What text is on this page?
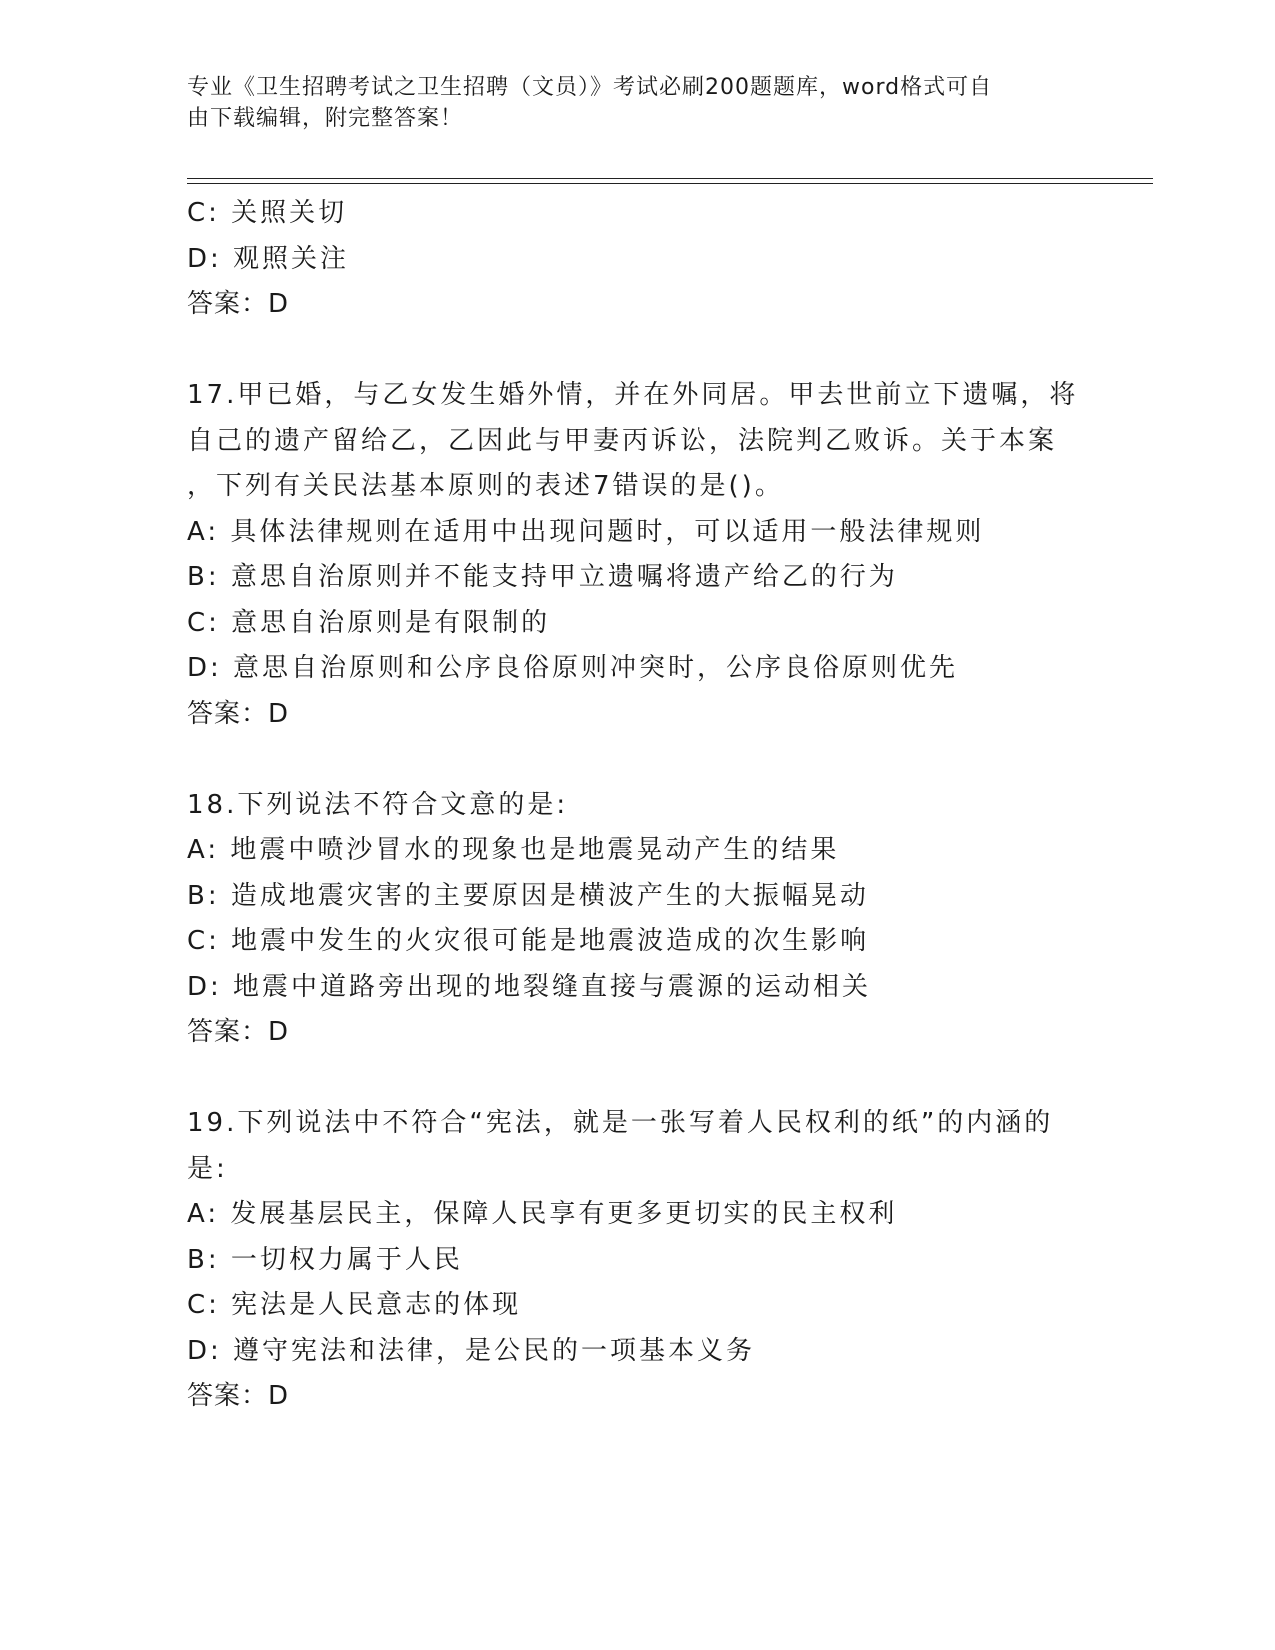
专业《卫生招聘考试之卫生招聘（文员）》考试必刷200题题库，word格式可自
由下载编辑，附完整答案！
C: 关照关切
D: 观照关注
答案：D
17.甲已婚，与乙女发生婚外情，并在外同居。甲去世前立下遗嘱，将
自己的遗产留给乙，乙因此与甲妻丙诉讼，法院判乙败诉。关于本案
，下列有关民法基本原则的表述7错误的是()。
A: 具体法律规则在适用中出现问题时，可以适用一般法律规则
B: 意思自治原则并不能支持甲立遗嘱将遗产给乙的行为
C: 意思自治原则是有限制的
D: 意思自治原则和公序良俗原则冲突时，公序良俗原则优先
答案：D
18.下列说法不符合文意的是:
A: 地震中喷沙冒水的现象也是地震晃动产生的结果
B: 造成地震灾害的主要原因是横波产生的大振幅晃动
C: 地震中发生的火灾很可能是地震波造成的次生影响
D: 地震中道路旁出现的地裂缝直接与震源的运动相关
答案：D
19.下列说法中不符合“宪法，就是一张写着人民权利的纸”的内涵的
是:
A: 发展基层民主，保障人民享有更多更切实的民主权利
B: 一切权力属于人民
C: 宪法是人民意志的体现
D: 遵守宪法和法律，是公民的一项基本义务
答案：D
